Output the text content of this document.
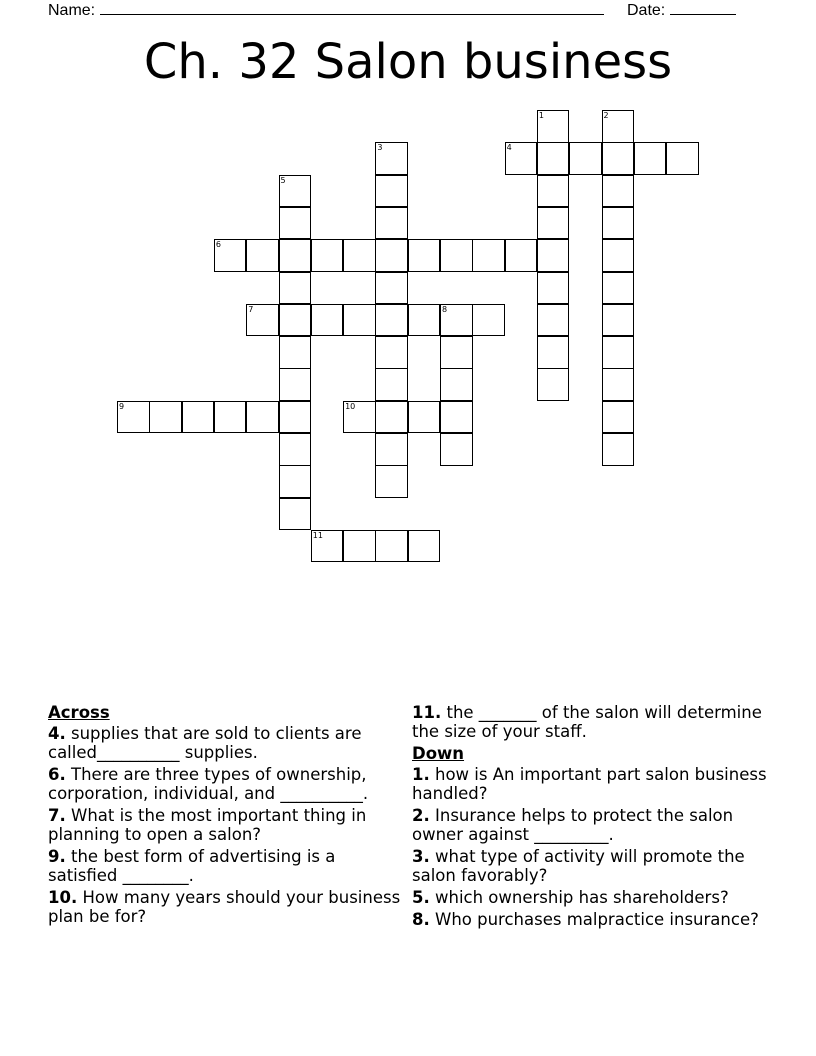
Name:	Date:
Ch. 32 Salon business
4
6
7	8
9	10
11
1	2
3
5
Across
4. supplies that are sold to clients are called__________ supplies.
6. There are three types of ownership, corporation, individual, and __________.
7. What is the most important thing in planning to open a salon?
9. the best form of advertising is a satisfied ________.
10. How many years should your business plan be for?
11. the _______ of the salon will determine the size of your staff.
Down
1. how is An important part salon business handled?
2. Insurance helps to protect the salon owner against _________.
3. what type of activity will promote the salon favorably?
5. which ownership has shareholders?
8. Who purchases malpractice insurance?
